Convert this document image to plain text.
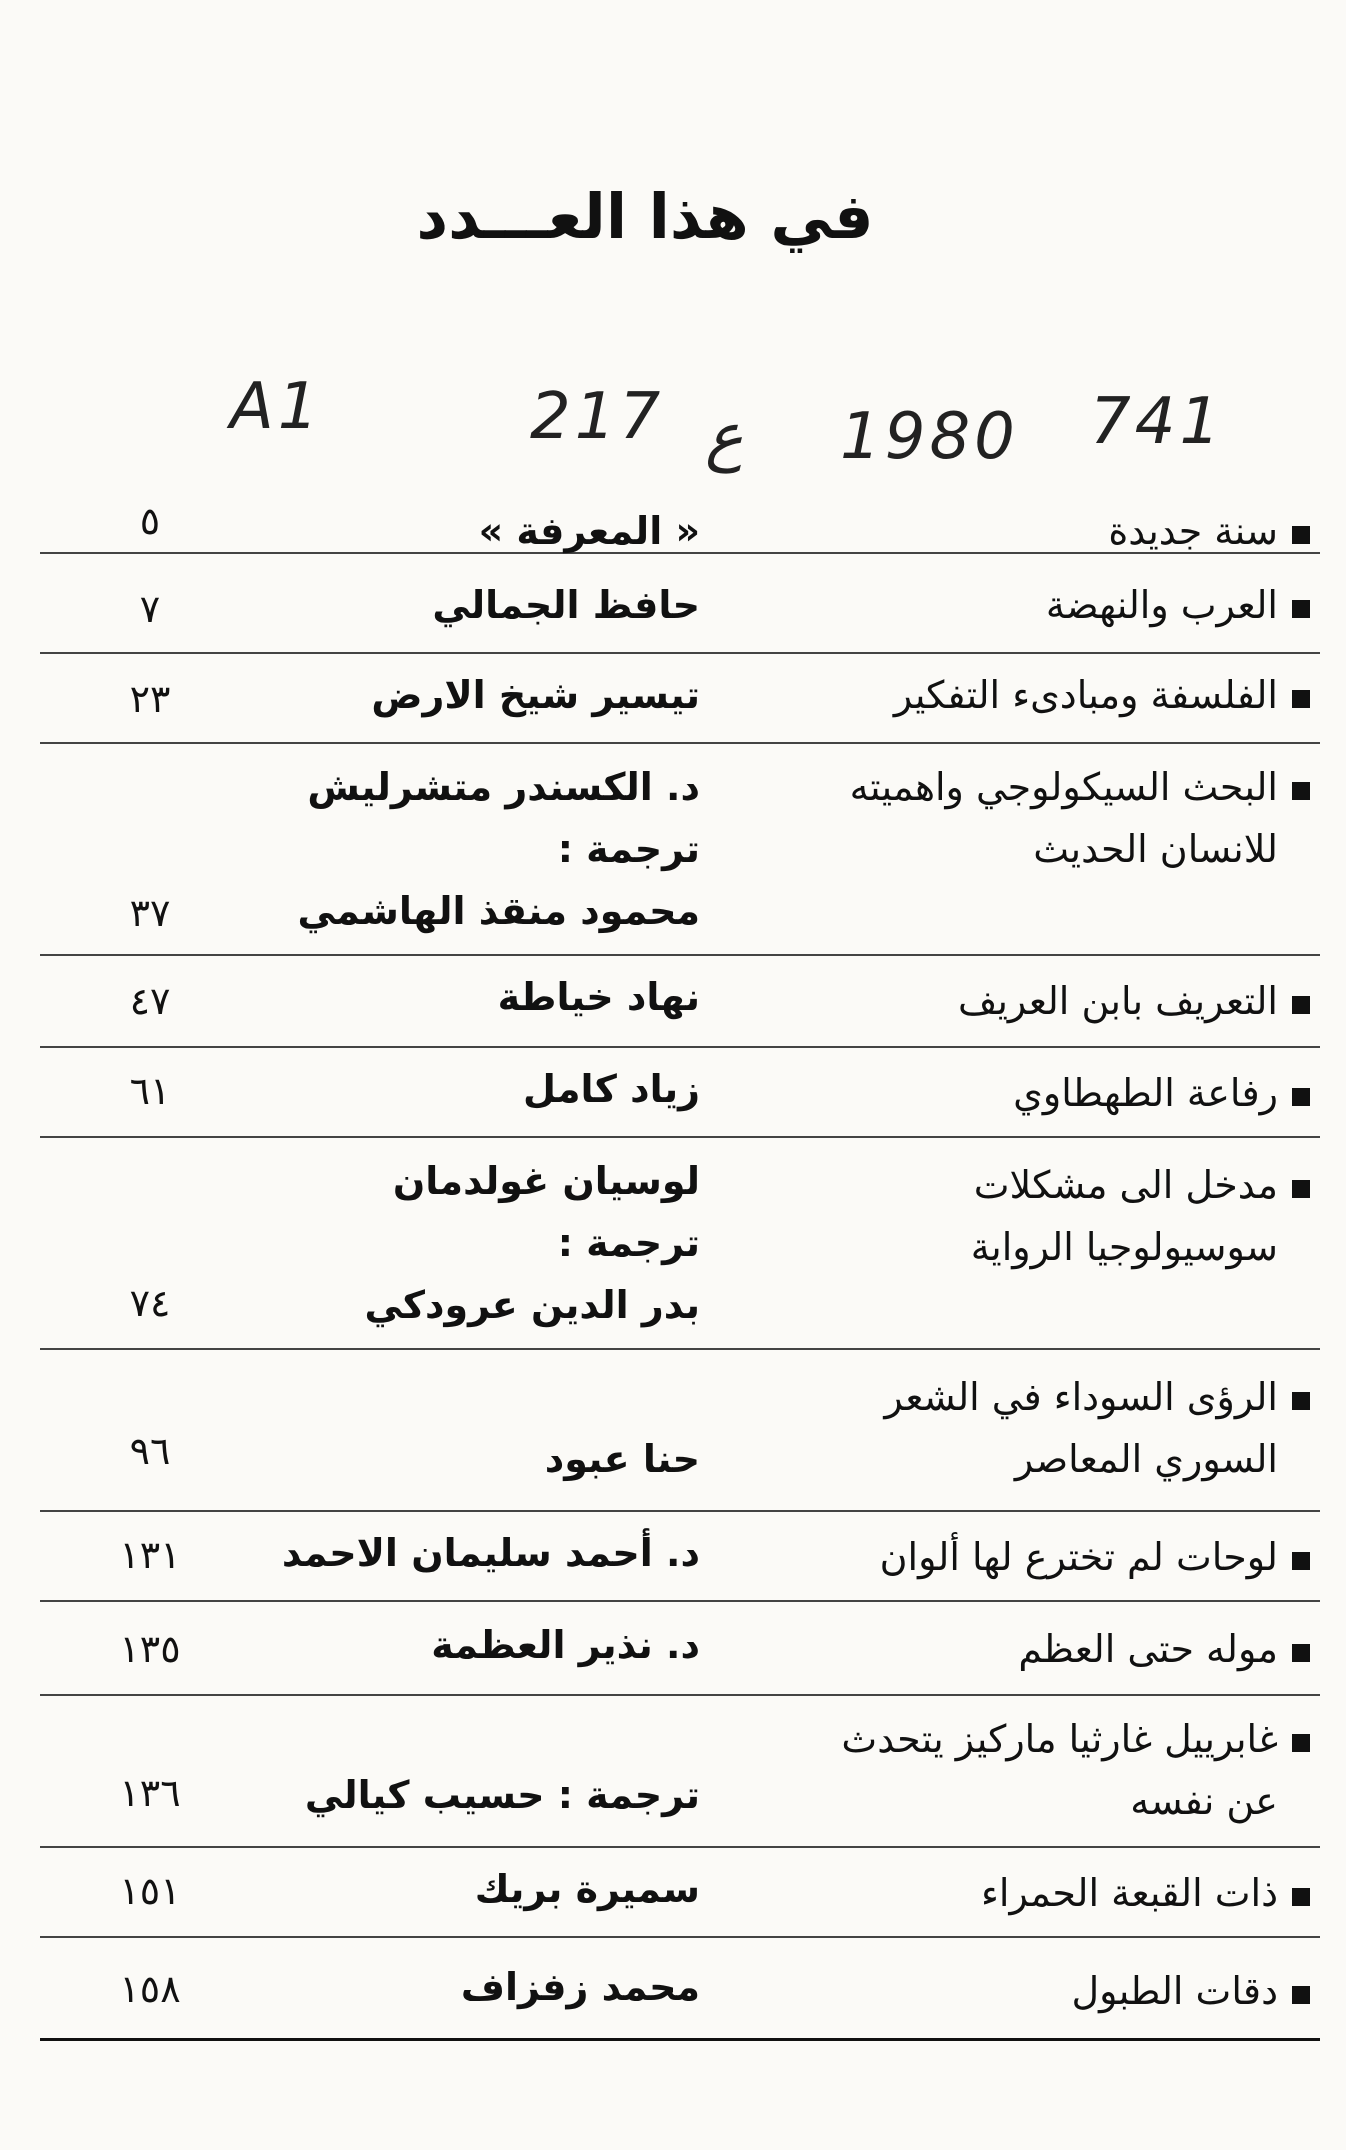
في هذا العـــدد
A1	217 ع 1980 741
سنة جديدة
« المعرفة »
٥
العرب والنهضة
حافظ الجمالي
٧
الفلسفة ومبادىء التفكير
تيسير شيخ الارض
٢٣
البحث السيكولوجي واهميته
للانسان الحديث
د. الكسندر متشرليش
ترجمة :
محمود منقذ الهاشمي
٣٧
التعريف بابن العريف
نهاد خياطة
٤٧
رفاعة الطهطاوي
زياد كامل
٦١
مدخل الى مشكلات
سوسيولوجيا الرواية
لوسيان غولدمان
ترجمة :
بدر الدين عرودكي
٧٤
الرؤى السوداء في الشعر
السوري المعاصر

حنا عبود
٩٦
لوحات لم تخترع لها ألوان
د. أحمد سليمان الاحمد
١٣١
موله حتى العظم
د. نذير العظمة
١٣٥
غابرييل غارثيا ماركيز يتحدث
عن نفسه

ترجمة : حسيب كيالي
١٣٦
ذات القبعة الحمراء
سميرة بريك
١٥١
دقات الطبول
محمد زفزاف
١٥٨
